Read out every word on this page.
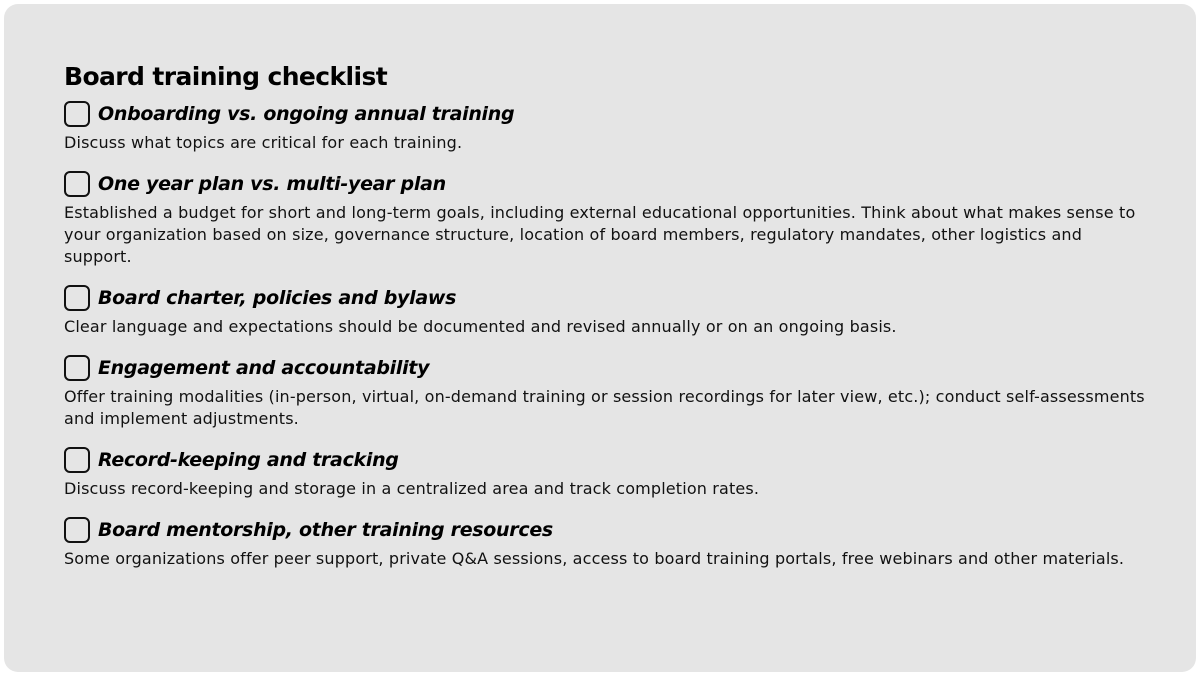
Board training checklist
Onboarding vs. ongoing annual training
Discuss what topics are critical for each training.
One year plan vs. multi-year plan
Established a budget for short and long-term goals, including external educational opportunities. Think about what makes sense to your organization based on size, governance structure, location of board members, regulatory mandates, other logistics and support.
Board charter, policies and bylaws
Clear language and expectations should be documented and revised annually or on an ongoing basis.
Engagement and accountability
Offer training modalities (in-person, virtual, on-demand training or session recordings for later view, etc.); conduct self-assessments and implement adjustments.
Record-keeping and tracking
Discuss record-keeping and storage in a centralized area and track completion rates.
Board mentorship, other training resources
Some organizations offer peer support, private Q&A sessions, access to board training portals, free webinars and other materials.
